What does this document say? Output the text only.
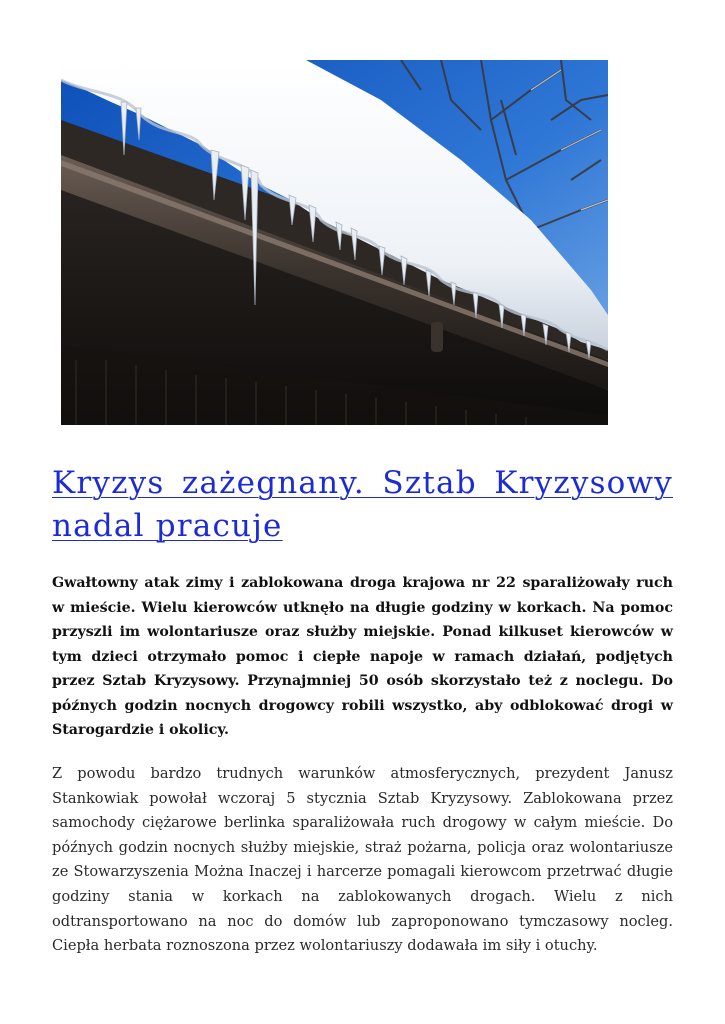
Kryzys zażegnany. Sztab Kryzysowy nadal pracuje

Gwałtowny atak zimy i zablokowana droga krajowa nr 22 sparaliżowały ruch w mieście. Wielu kierowców utknęło na długie godziny w korkach. Na pomoc przyszli im wolontariusze oraz służby miejskie. Ponad kilkuset kierowców w tym dzieci otrzymało pomoc i ciepłe napoje w ramach działań, podjętych przez Sztab Kryzysowy. Przynajmniej 50 osób skorzystało też z noclegu. Do późnych godzin nocnych drogowcy robili wszystko, aby odblokować drogi w Starogardzie i okolicy.

Z powodu bardzo trudnych warunków atmosferycznych, prezydent Janusz Stankowiak powołał wczoraj 5 stycznia Sztab Kryzysowy. Zablokowana przez samochody ciężarowe berlinka sparaliżowała ruch drogowy w całym mieście. Do późnych godzin nocnych służby miejskie, straż pożarna, policja oraz wolontariusze ze Stowarzyszenia Można Inaczej i harcerze pomagali kierowcom przetrwać długie godziny stania w korkach na zablokowanych drogach. Wielu z nich odtransportowano na noc do domów lub zaproponowano tymczasowy nocleg. Ciepła herbata roznoszona przez wolontariuszy dodawała im siły i otuchy.
